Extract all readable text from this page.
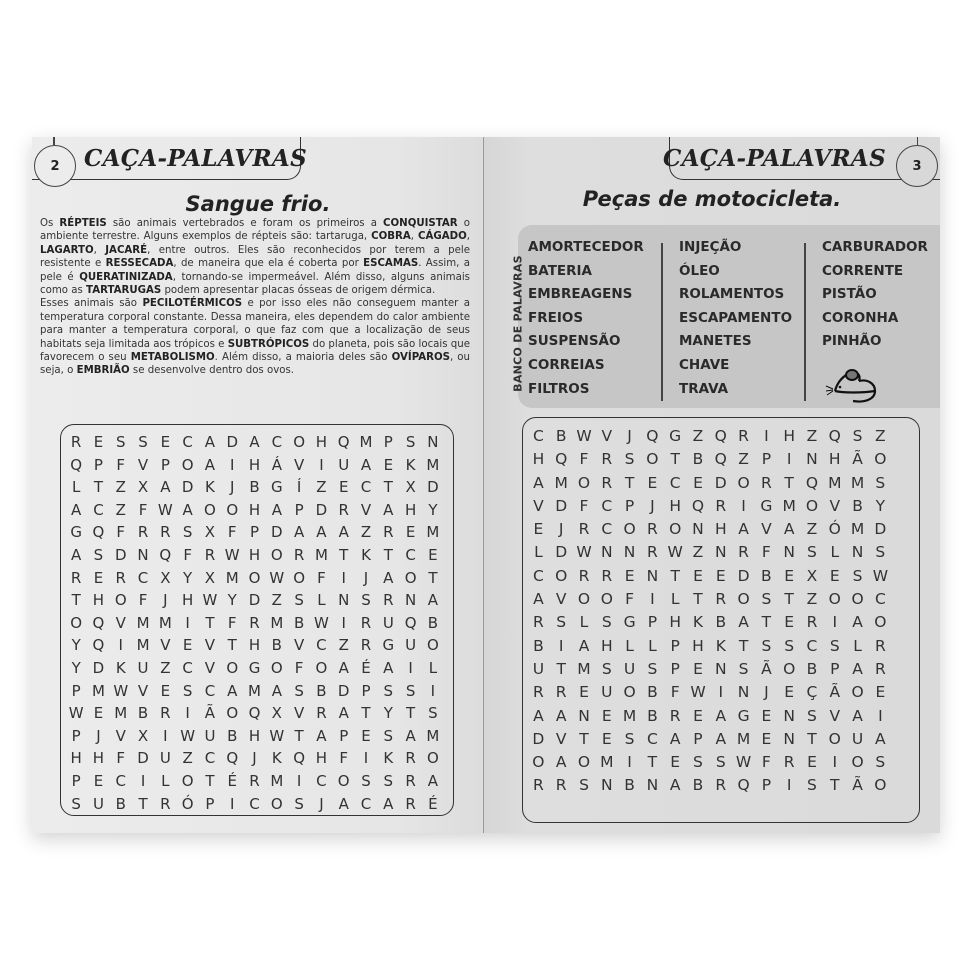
2	CAÇA-PALAVRAS
Sangue frio.
Os RÉPTEIS são animais vertebrados e foram os primeiros a CONQUISTAR o ambiente terrestre. Alguns exemplos de répteis são: tartaruga, COBRA, CÁGADO, LAGARTO, JACARÉ, entre outros. Eles são reconhecidos por terem a pele resistente e RESSECADA, de maneira que ela é coberta por ESCAMAS. Assim, a pele é QUERATINIZADA, tornando-se impermeável. Além disso, alguns animais como as TARTARUGAS podem apresentar placas ósseas de origem dérmica.
Esses animais são PECILOTÉRMICOS e por isso eles não conseguem manter a temperatura corporal constante. Dessa maneira, eles dependem do calor ambiente para manter a temperatura corporal, o que faz com que a localização de seus habitats seja limitada aos trópicos e SUBTRÓPICOS do planeta, pois são locais que favorecem o seu METABOLISMO. Além disso, a maioria deles são OVÍPAROS, ou seja, o EMBRIÃO se desenvolve dentro dos ovos.
R E S S E C A D A C O H Q M P S N
Q P F V P O A I H Á V I U A E K M
L T Z X A D K	J B G Í Z E C T X D
A C Z F W A O O H A P D R V A H Y
G Q F R R S X F P D A A A Z R E M
A S D N Q F R W H O R M T K T C E
R E R C X Y X M O W O F	I	J A O T
T H O F	J H W Y D Z S L N S R N A
O Q V M M I	T F R M B W I R U Q B
Y Q I M V E V T H B V C Z R G U O
Y D K U Z C V O G O F O A É A I	L
P M W V E S C A M A S B D P S S	I
W E M B R I Ã O Q X V R A T Y T S
P	J V X I W U B H W T A P E S A M
H H F D U Z C Q J	K Q H F	I	K R O
P E C I	L O T É R M I C O S S R A
S U B T R Ó P	I C O S	J A C A R É
3
CAÇA-PALAVRAS
Peças de motocicleta.
BANCO DE PALAVRAS
AMORTECEDOR
BATERIA
EMBREAGENS
FREIOS
SUSPENSÃO
CORREIAS
FILTROS
INJEÇÃO
ÓLEO
ROLAMENTOS
ESCAPAMENTO
MANETES
CHAVE
TRAVA
CARBURADOR
CORRENTE
PISTÃO
CORONHA
PINHÃO
C B W V J Q G Z Q R I H Z Q S Z
H Q F R S O T B Q Z P	I N H Ã O
A M O R T E C E D O R T Q M M S
V D F C P	J H Q R I G M O V B Y
E	J R C O R O N H A V A Z Ó M D
L D W N N R W Z N R F N S L N S
C O R R E N T E E D B E X E S W
A V O O F	I	L T R O S T Z O O C
R S L S G P H K B A T E R I A O
B I A H L L P H K T S S C S L R
U T M S U S P E N S Ã O B P A R
R R E U O B F W I N J	E Ç Ã O E
A A N E M B R E A G E N S V A I
D V T E S C A P A M E N T O U A
O A O M I	T E S S W F R E	I O S
R R S N B N A B R Q P	I	S T Ã O
